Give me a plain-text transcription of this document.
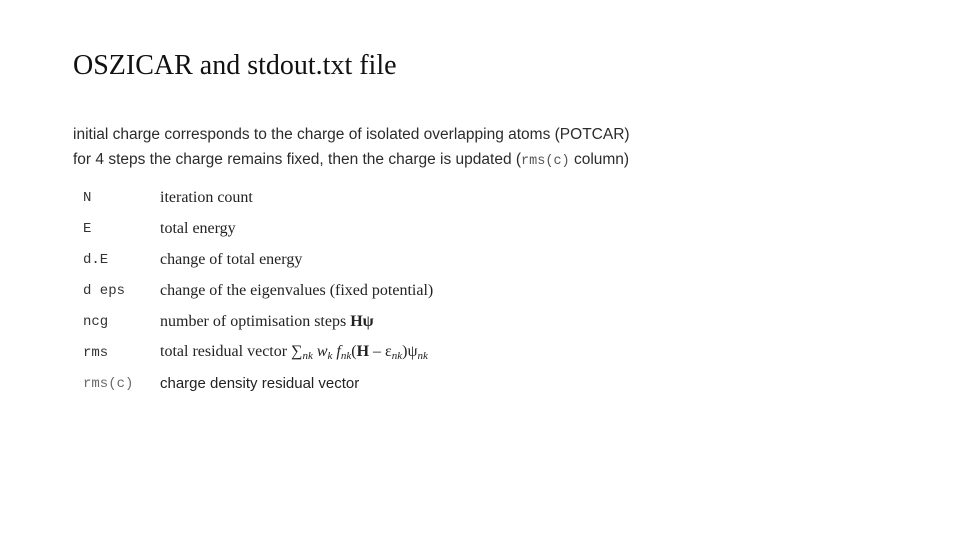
OSZICAR and stdout.txt file
initial charge corresponds to the charge of isolated overlapping atoms (POTCAR)
for 4 steps the charge remains fixed, then the charge is updated (rms(c) column)
N	iteration count
E	total energy
d.E	change of total energy
d eps	change of the eigenvalues (fixed potential)
ncg	number of optimisation steps Hψ
rms	total residual vector $\sum_{nk}$ $w_k$ $f_{nk}(H - \varepsilon_{nk})\psi_{nk}$
rms(c)	charge density residual vector
